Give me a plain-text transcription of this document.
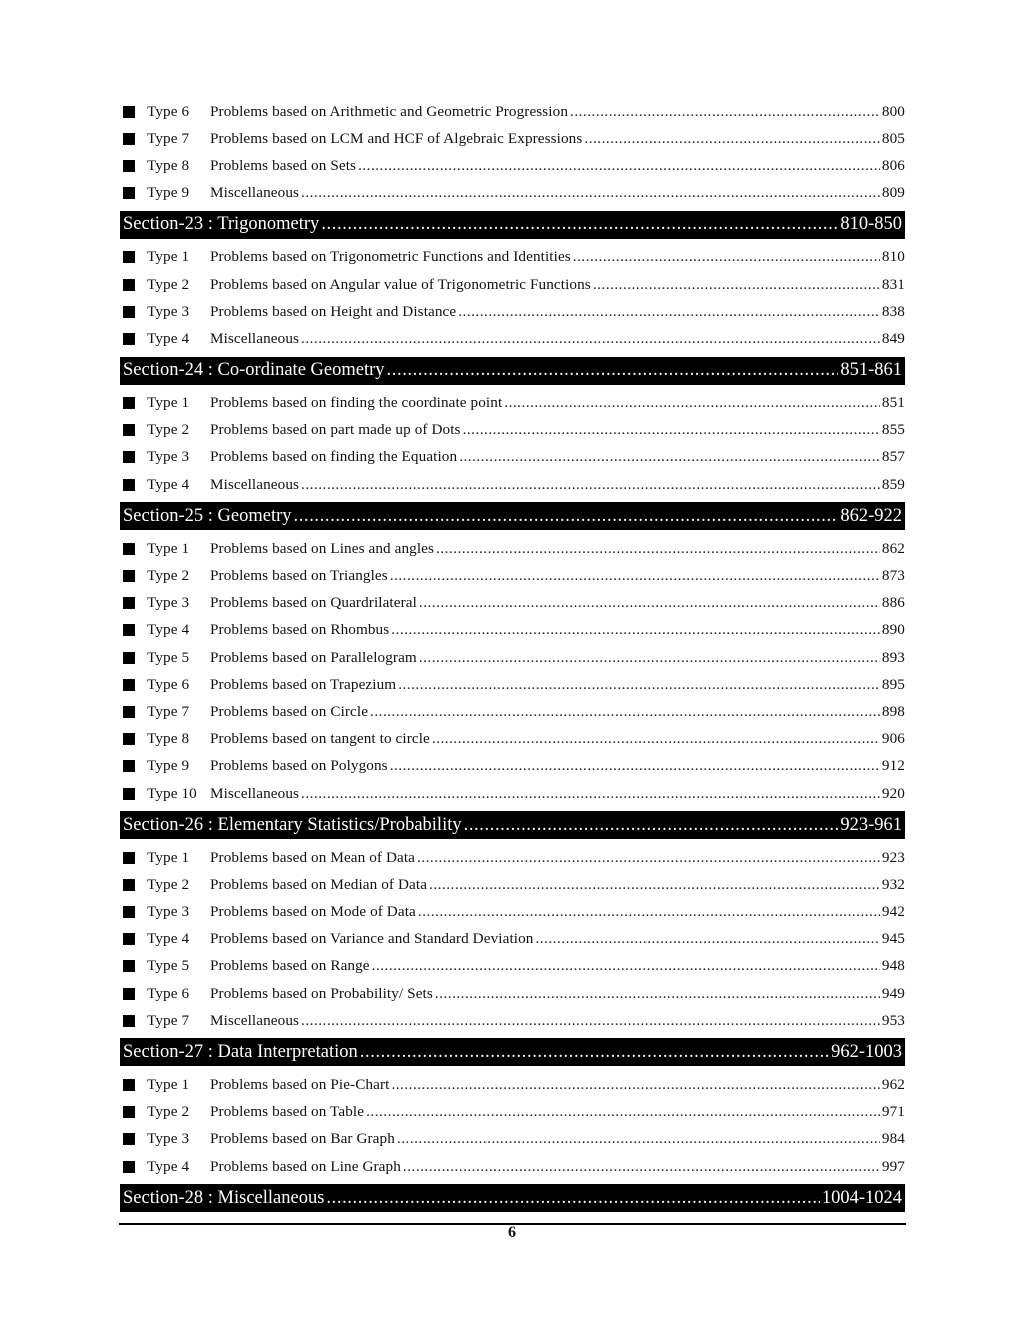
Type 6	Problems based on Arithmetic and Geometric Progression .....	800
Type 7	Problems based on LCM and HCF of Algebraic Expressions .....	805
Type 8	Problems based on Sets .....	806
Type 9	Miscellaneous .....	809
Section-23 : Trigonometry .....	810-850
Type 1	Problems based on Trigonometric Functions and Identities .....	810
Type 2	Problems based on Angular value of Trigonometric Functions .....	831
Type 3	Problems based on Height and Distance .....	838
Type 4	Miscellaneous .....	849
Section-24 : Co-ordinate Geometry .....	851-861
Type 1	Problems based on finding the coordinate point .....	851
Type 2	Problems based on part made up of Dots .....	855
Type 3	Problems based on finding the Equation .....	857
Type 4	Miscellaneous .....	859
Section-25 : Geometry .....	862-922
Type 1	Problems based on Lines and angles .....	862
Type 2	Problems based on Triangles .....	873
Type 3	Problems based on Quardrilateral .....	886
Type 4	Problems based on Rhombus .....	890
Type 5	Problems based on Parallelogram .....	893
Type 6	Problems based on Trapezium .....	895
Type 7	Problems based on Circle .....	898
Type 8	Problems based on tangent to circle .....	906
Type 9	Problems based on Polygons .....	912
Type 10 Miscellaneous .....	920
Section-26 : Elementary Statistics/Probability .....	923-961
Type 1	Problems based on Mean of Data .....	923
Type 2	Problems based on Median of Data .....	932
Type 3	Problems based on Mode of Data .....	942
Type 4	Problems based on Variance and Standard Deviation .....	945
Type 5	Problems based on Range .....	948
Type 6	Problems based on Probability/ Sets .....	949
Type 7	Miscellaneous .....	953
Section-27 : Data Interpretation .....	962-1003
Type 1	Problems based on Pie-Chart .....	962
Type 2	Problems based on Table .....	971
Type 3	Problems based on Bar Graph .....	984
Type 4	Problems based on Line Graph .....	997
Section-28 : Miscellaneous .....	1004-1024
6
